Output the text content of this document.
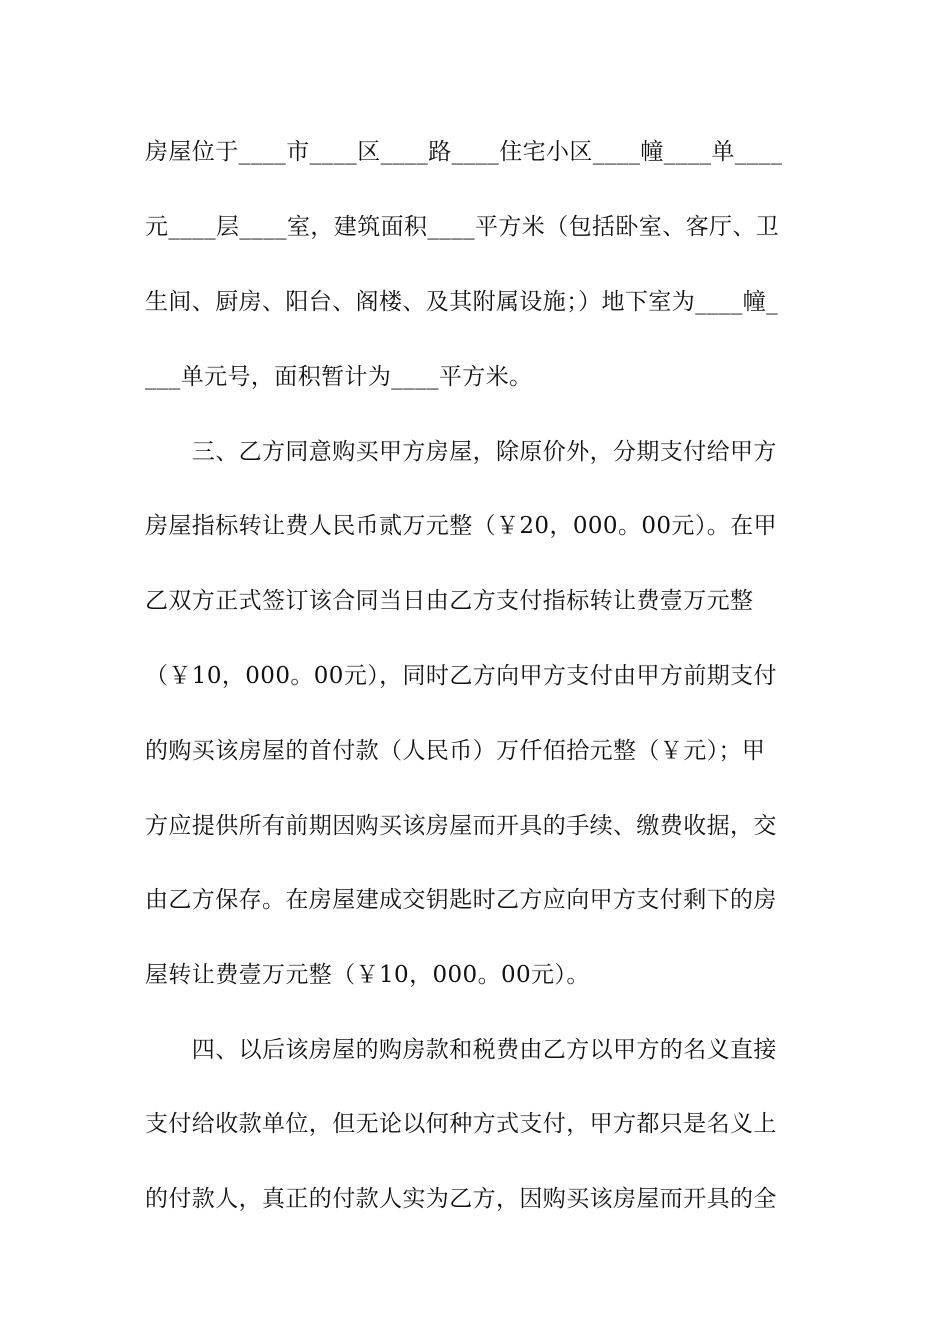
房屋位于____市____区____路____住宅小区____幢____单____
元____层____室，建筑面积____平方米（包括卧室、客厅、卫
生间、厨房、阳台、阁楼、及其附属设施；）地下室为____幢_
___单元号，面积暂计为____平方米。
　　三、乙方同意购买甲方房屋，除原价外，分期支付给甲方
房屋指标转让费人民币贰万元整（￥20，000。00元）。在甲
乙双方正式签订该合同当日由乙方支付指标转让费壹万元整
（￥10，000。00元），同时乙方向甲方支付由甲方前期支付
的购买该房屋的首付款（人民币）万仟佰拾元整（￥元）；甲
方应提供所有前期因购买该房屋而开具的手续、缴费收据，交
由乙方保存。在房屋建成交钥匙时乙方应向甲方支付剩下的房
屋转让费壹万元整（￥10，000。00元）。
　　四、以后该房屋的购房款和税费由乙方以甲方的名义直接
支付给收款单位，但无论以何种方式支付，甲方都只是名义上
的付款人，真正的付款人实为乙方，因购买该房屋而开具的全
